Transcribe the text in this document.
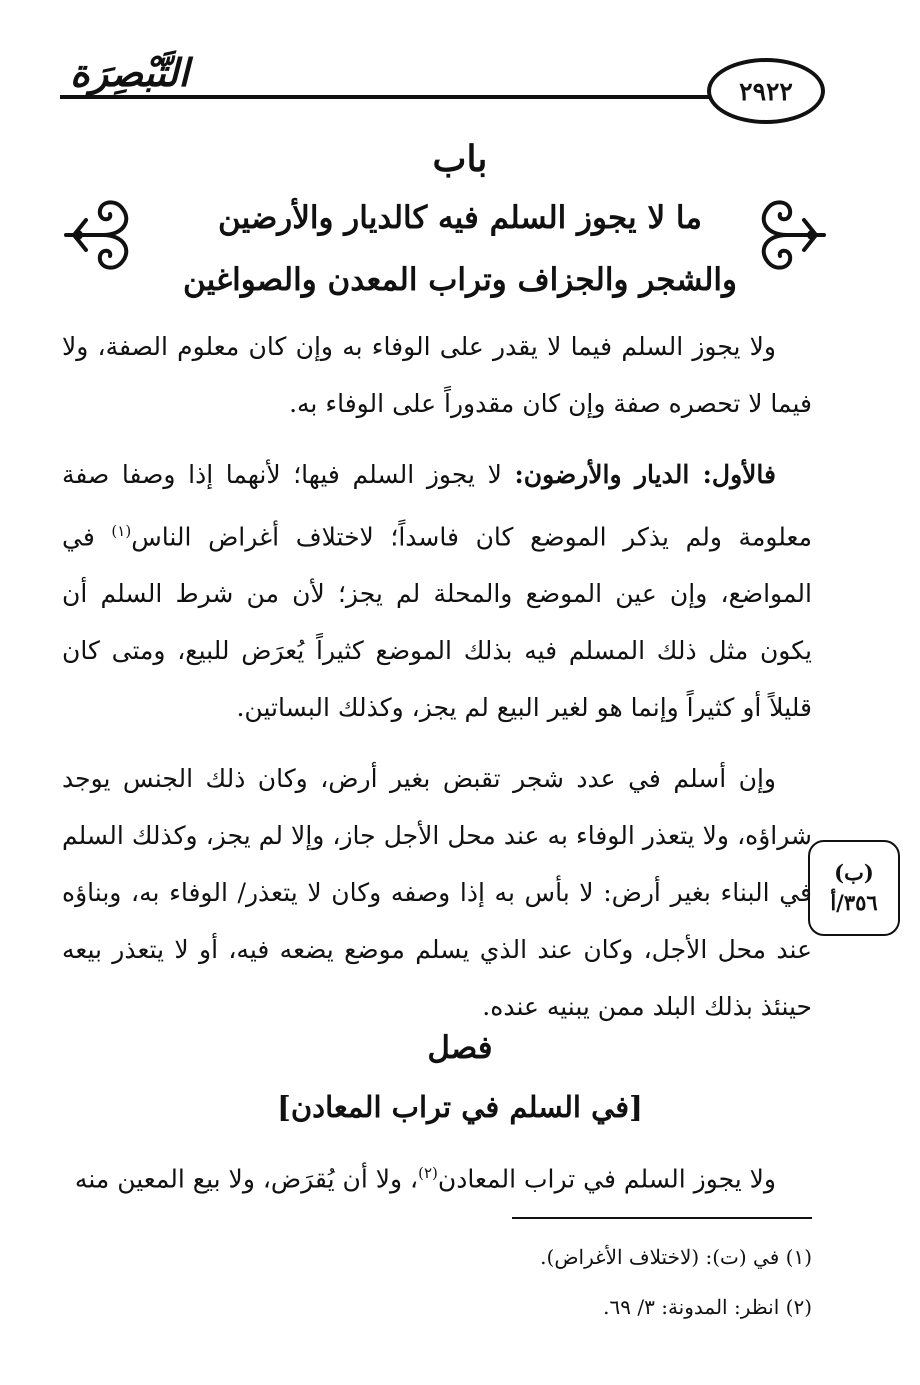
٢٩٢٢
التَّبْصِرَة
باب
ما لا يجوز السلم فيه كالديار والأرضين
والشجر والجزاف وتراب المعدن والصواغين

ولا يجوز السلم فيما لا يقدر على الوفاء به وإن كان معلوم الصفة، ولا فيما لا تحصره صفة وإن كان مقدوراً على الوفاء به.

فالأول: الديار والأرضون: لا يجوز السلم فيها؛ لأنهما إذا وصفا صفة معلومة ولم يذكر الموضع كان فاسداً؛ لاختلاف أغراض الناس$^{(١)}$ في المواضع، وإن عين الموضع والمحلة لم يجز؛ لأن من شرط السلم أن يكون مثل ذلك المسلم فيه بذلك الموضع كثيراً يُعرَض للبيع، ومتى كان قليلاً أو كثيراً وإنما هو لغير البيع لم يجز، وكذلك البساتين.

وإن أسلم في عدد شجر تقبض بغير أرض، وكان ذلك الجنس يوجد شراؤه، ولا يتعذر الوفاء به عند محل الأجل جاز، وإلا لم يجز، وكذلك السلم في البناء بغير أرض: لا بأس به إذا وصفه وكان لا يتعذر/ الوفاء به، وبناؤه عند محل الأجل، وكان عند الذي يسلم موضع يضعه فيه، أو لا يتعذر بيعه حينئذ بذلك البلد ممن يبنيه عنده.

(ب)
٣٥٦/أ
فصل
[في السلم في تراب المعادن]
ولا يجوز السلم في تراب المعادن$^{(٢)}$، ولا أن يُقرَض، ولا بيع المعين منه
(١) في (ت): (لاختلاف الأغراض).
(٢) انظر: المدونة: ٣/ ٦٩.
